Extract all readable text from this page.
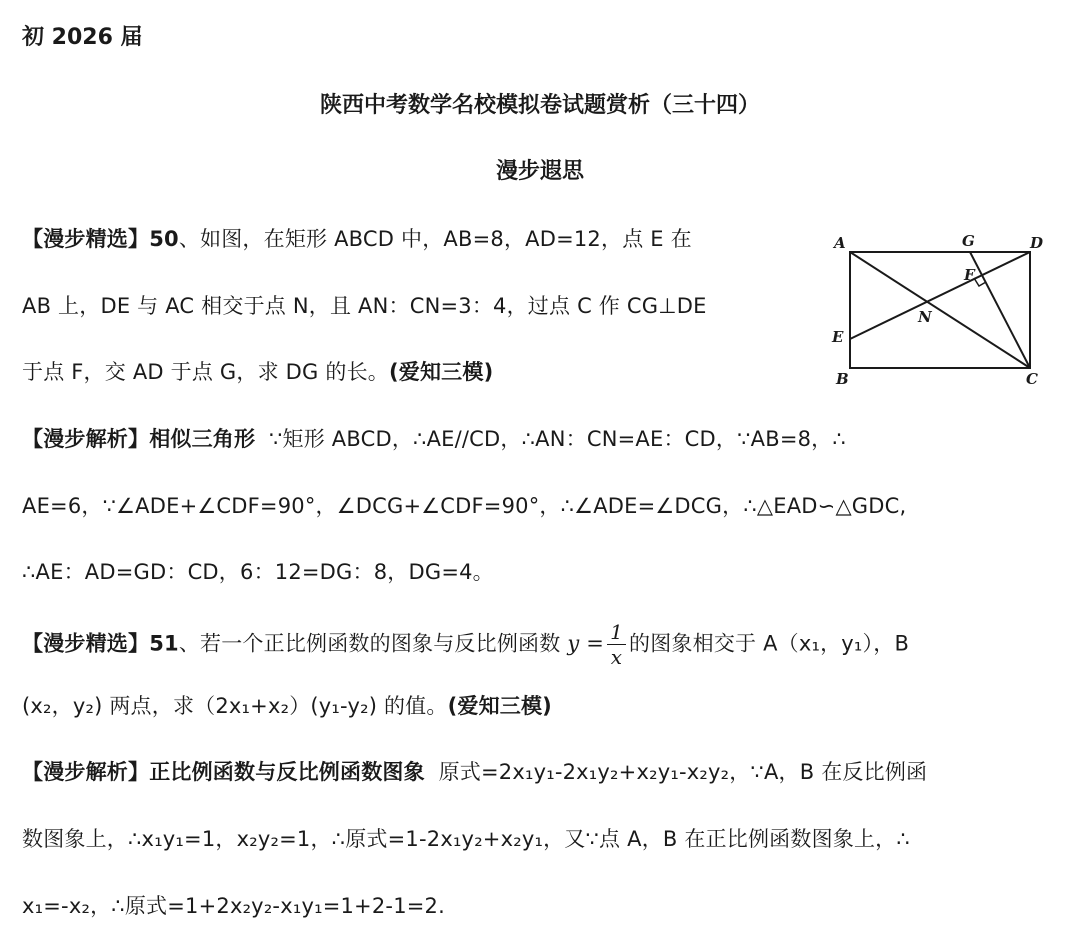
初 2026 届
陕西中考数学名校模拟卷试题赏析（三十四）
漫步遐思
【漫步精选】50、如图，在矩形 ABCD 中，AB=8，AD=12，点 E 在
AB 上，DE 与 AC 相交于点 N，且 AN：CN=3：4，过点 C 作 CG⊥DE
于点 F，交 AD 于点 G，求 DG 的长。(爱知三模)
A
B	C
D
E
F
G
N
【漫步解析】相似三角形 ∵矩形 ABCD，∴AE//CD，∴AN：CN=AE：CD，∵AB=8，∴
AE=6，∵∠ADE+∠CDF=90°，∠DCG+∠CDF=90°，∴∠ADE=∠DCG，∴△EAD∽△GDC,
∴AE：AD=GD：CD，6：12=DG：8，DG=4。
【漫步精选】51、若一个正比例函数的图象与反比例函数 $y = \frac{1}{x}$ 的图象相交于 A（x₁，y₁），B
(x₂，y₂) 两点，求（2x₁+x₂）(y₁-y₂) 的值。(爱知三模)
【漫步解析】正比例函数与反比例函数图象 原式=2x₁y₁-2x₁y₂+x₂y₁-x₂y₂，∵A，B 在反比例函
数图象上，∴x₁y₁=1，x₂y₂=1，∴原式=1-2x₁y₂+x₂y₁，又∵点 A，B 在正比例函数图象上，∴
x₁=-x₂，∴原式=1+2x₂y₂-x₁y₁=1+2-1=2.
